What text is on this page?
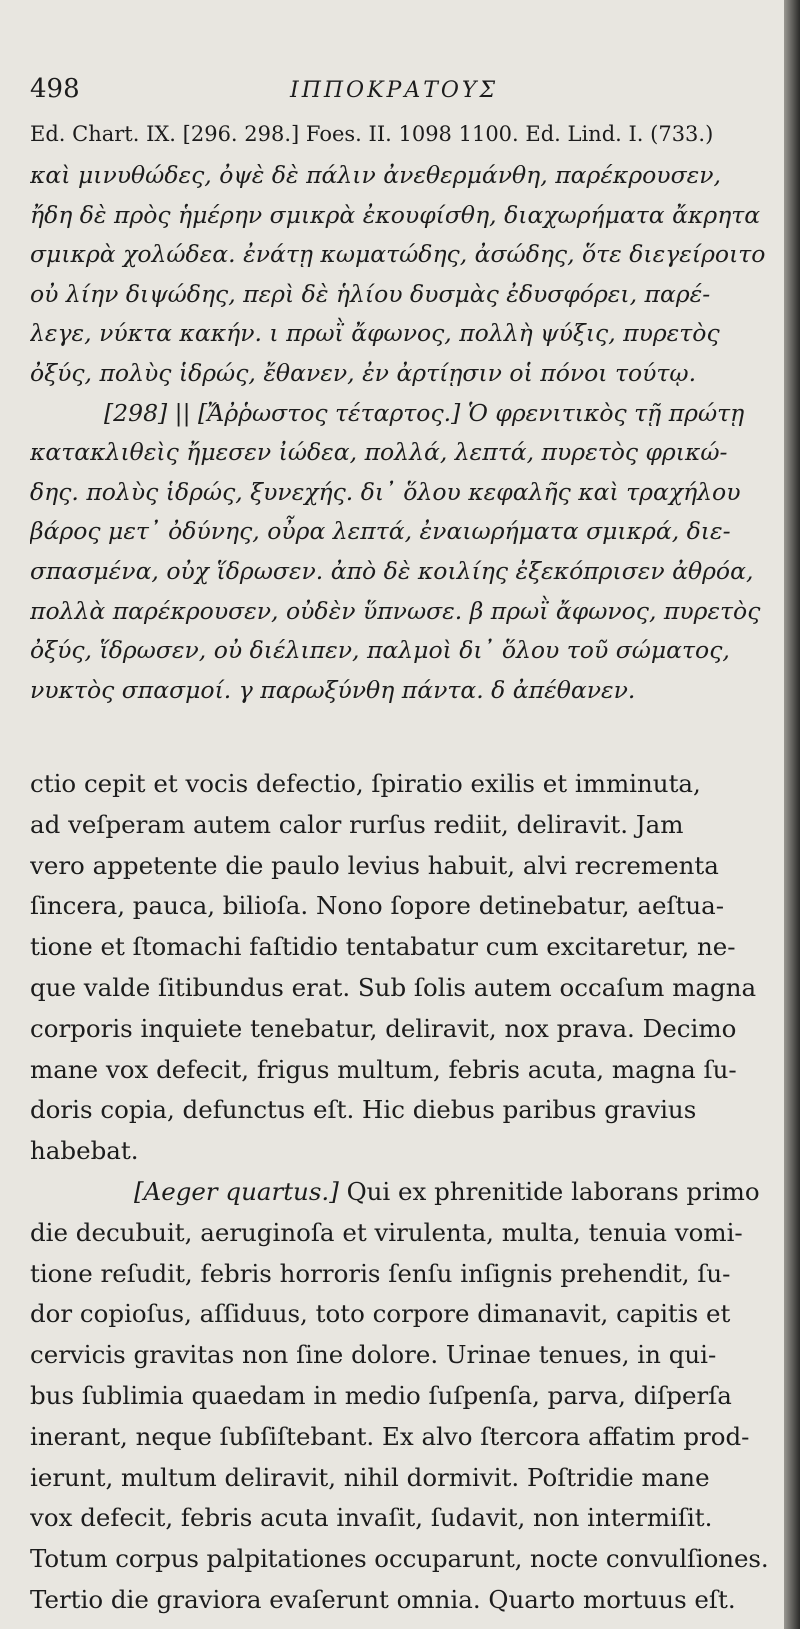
498	ΙΠΠΟΚΡΑΤΟΥΣ
Ed. Chart. IX. [296. 298.] Foes. II. 1098 1100. Ed. Lind. I. (733.)
καὶ μινυθώδες, ὀψὲ δὲ πάλιν ἀνεθερμάνθη, παρέκρουσεν,
ἤδη δὲ πρὸς ἡμέρην σμικρὰ ἐκουφίσθη, διαχωρήματα ἄκρητα
σμικρὰ χολώδεα. ἐνάτῃ κωματώδης, ἀσώδης, ὅτε διεγείροιτο
οὐ λίην διψώδης, περὶ δὲ ἡλίου δυσμὰς ἐδυσφόρει, παρέ-
λεγε, νύκτα κακήν. ι πρωῒ ἄφωνος, πολλὴ ψύξις, πυρετὸς
ὀξύς, πολὺς ἱδρώς, ἔθανεν, ἐν ἀρτίῃσιν οἱ πόνοι τούτῳ.
[298] || [Ἄῤῥωστος τέταρτος.] Ὁ φρενιτικὸς τῇ πρώτῃ
κατακλιθεὶς ἤμεσεν ἰώδεα, πολλά, λεπτά, πυρετὸς φρικώ-
δης. πολὺς ἱδρώς, ξυνεχής. δι᾽ ὅλου κεφαλῆς καὶ τραχήλου
βάρος μετ᾽ ὀδύνης, οὖρα λεπτά, ἐναιωρήματα σμικρά, διε-
σπασμένα, οὐχ ἵδρωσεν. ἀπὸ δὲ κοιλίης ἐξεκόπρισεν ἀθρόα,
πολλὰ παρέκρουσεν, οὐδὲν ὕπνωσε. β πρωῒ ἄφωνος, πυρετὸς
ὀξύς, ἵδρωσεν, οὐ διέλιπεν, παλμοὶ δι᾽ ὅλου τοῦ σώματος,
νυκτὸς σπασμοί. γ παρωξύνθη πάντα. δ ἀπέθανεν.
ctio cepit et vocis defectio, ſpiratio exilis et imminuta,
ad veſperam autem calor rurſus rediit, deliravit. Jam
vero appetente die paulo levius habuit, alvi recrementa
ſincera, pauca, bilioſa. Nono ſopore detinebatur, aeſtua-
tione et ſtomachi faſtidio tentabatur cum excitaretur, ne-
que valde ſitibundus erat. Sub ſolis autem occaſum magna
corporis inquiete tenebatur, deliravit, nox prava. Decimo
mane vox defecit, frigus multum, febris acuta, magna ſu-
doris copia, defunctus eſt. Hic diebus paribus gravius
habebat.
[Aeger quartus.] Qui ex phrenitide laborans primo
die decubuit, aeruginoſa et virulenta, multa, tenuia vomi-
tione reſudit, febris horroris ſenſu inſignis prehendit, ſu-
dor copioſus, aſſiduus, toto corpore dimanavit, capitis et
cervicis gravitas non ſine dolore. Urinae tenues, in qui-
bus ſublimia quaedam in medio ſuſpenſa, parva, diſperſa
inerant, neque ſubſiſtebant. Ex alvo ſtercora affatim prod-
ierunt, multum deliravit, nihil dormivit. Poſtridie mane
vox defecit, febris acuta invaſit, ſudavit, non intermiſit.
Totum corpus palpitationes occuparunt, nocte convulſiones.
Tertio die graviora evaſerunt omnia. Quarto mortuus eſt.
